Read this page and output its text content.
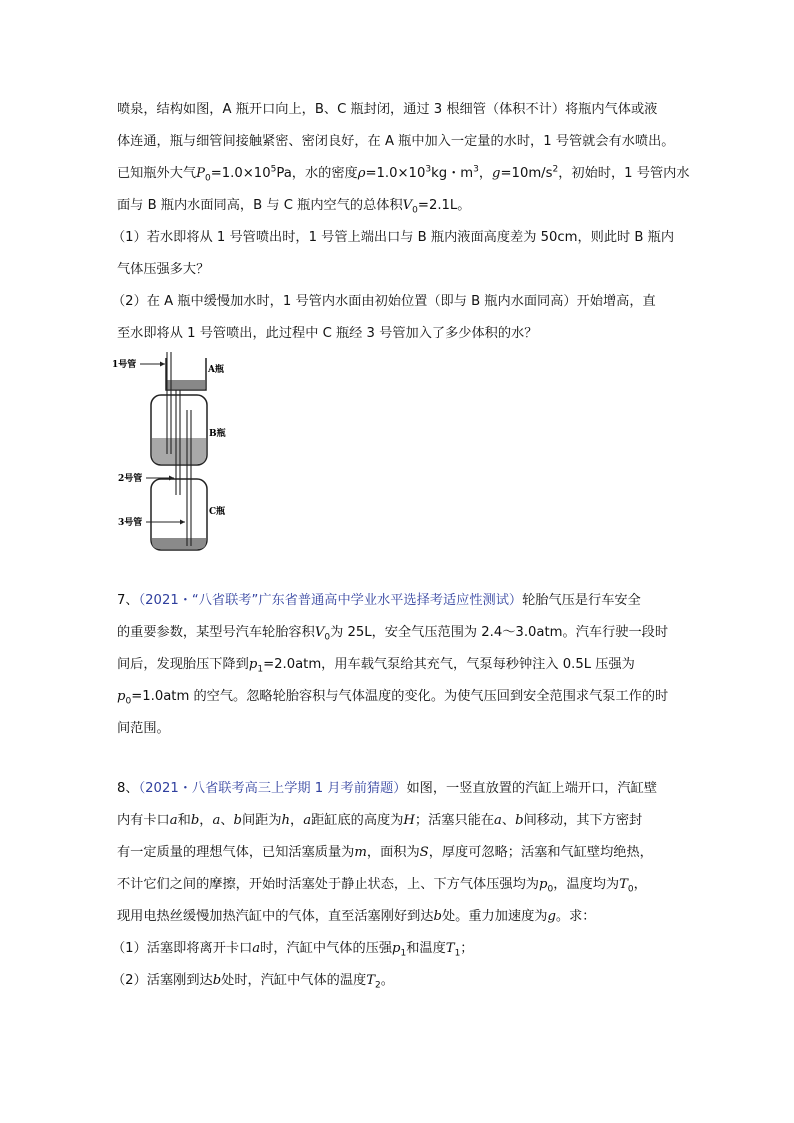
喷泉，结构如图，A 瓶开口向上，B、C 瓶封闭，通过 3 根细管（体积不计）将瓶内气体或液
体连通，瓶与细管间接触紧密、密闭良好，在 A 瓶中加入一定量的水时，1 号管就会有水喷出。
已知瓶外大气$P_0=1.0\times 10^5Pa$，水的密度$\rho=1.0\times 10^3kg$・$m^3$，$g=10m/s^2$，初始时，1 号管内水
面与 B 瓶内水面同高，B 与 C 瓶内空气的总体积$V_0=2.1L$。
（1）若水即将从 1 号管喷出时，1 号管上端出口与 B 瓶内液面高度差为 50cm，则此时 B 瓶内
气体压强多大？
（2）在 A 瓶中缓慢加水时，1 号管内水面由初始位置（即与 B 瓶内水面同高）开始增高，直
至水即将从 1 号管喷出，此过程中 C 瓶经 3 号管加入了多少体积的水？
1号管	A瓶
B瓶
2号管
C瓶
3号管
7、（2021・“八省联考”广东省普通高中学业水平选择考适应性测试）轮胎气压是行车安全
的重要参数，某型号汽车轮胎容积$V_0$为 25L，安全气压范围为 2.4～3.0atm。汽车行驶一段时
间后，发现胎压下降到$p_1=2.0atm$，用车载气泵给其充气，气泵每秒钟注入 0.5L 压强为
$p_0=1.0atm$ 的空气。忽略轮胎容积与气体温度的变化。为使气压回到安全范围求气泵工作的时
间范围。
8、（2021・八省联考高三上学期 1 月考前猜题）如图，一竖直放置的汽缸上端开口，汽缸壁
内有卡口a和b，a、b间距为h，a距缸底的高度为H；活塞只能在a、b间移动，其下方密封
有一定质量的理想气体，已知活塞质量为m，面积为S，厚度可忽略；活塞和气缸壁均绝热，
不计它们之间的摩擦，开始时活塞处于静止状态，上、下方气体压强均为$p_0$，温度均为$T_0$，
现用电热丝缓慢加热汽缸中的气体，直至活塞刚好到达b处。重力加速度为g。求：
（1）活塞即将离开卡口a时，汽缸中气体的压强$p_1$和温度$T_1$；
（2）活塞刚到达b处时，汽缸中气体的温度$T_2$。
